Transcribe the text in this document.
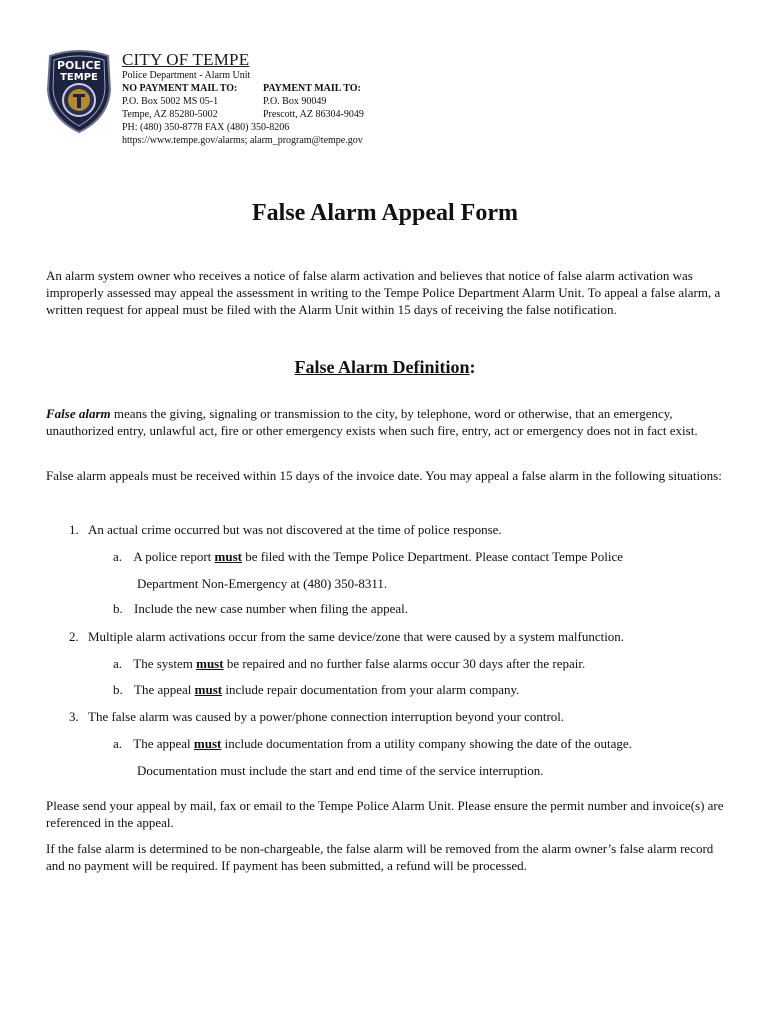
POLICE
TEMPE
CITY OF TEMPE
Police Department - Alarm Unit
NO PAYMENT MAIL TO:
P.O. Box 5002 MS 05-1
Tempe, AZ 85280-5002
PAYMENT MAIL TO:
P.O. Box 90049
Prescott, AZ 86304-9049
PH: (480) 350-8778 FAX (480) 350-8206
https://www.tempe.gov/alarms; alarm_program@tempe.gov
False Alarm Appeal Form

An alarm system owner who receives a notice of false alarm activation and believes that notice of false alarm activation was improperly assessed may appeal the assessment in writing to the Tempe Police Department Alarm Unit. To appeal a false alarm, a written request for appeal must be filed with the Alarm Unit within 15 days of receiving the false notification.

False Alarm Definition:

False alarm means the giving, signaling or transmission to the city, by telephone, word or otherwise, that an emergency, unauthorized entry, unlawful act, fire or other emergency exists when such fire, entry, act or emergency does not in fact exist.

False alarm appeals must be received within 15 days of the invoice date. You may appeal a false alarm in the following situations:

1. An actual crime occurred but was not discovered at the time of police response.
a. A police report must be filed with the Tempe Police Department. Please contact Tempe Police
Department Non-Emergency at (480) 350-8311.
b. Include the new case number when filing the appeal.
2. Multiple alarm activations occur from the same device/zone that were caused by a system malfunction.
a. The system must be repaired and no further false alarms occur 30 days after the repair.
b. The appeal must include repair documentation from your alarm company.
3. The false alarm was caused by a power/phone connection interruption beyond your control.
a. The appeal must include documentation from a utility company showing the date of the outage.
Documentation must include the start and end time of the service interruption.

Please send your appeal by mail, fax or email to the Tempe Police Alarm Unit. Please ensure the permit number and invoice(s) are referenced in the appeal.

If the false alarm is determined to be non-chargeable, the false alarm will be removed from the alarm owner’s false alarm record and no payment will be required. If payment has been submitted, a refund will be processed.
